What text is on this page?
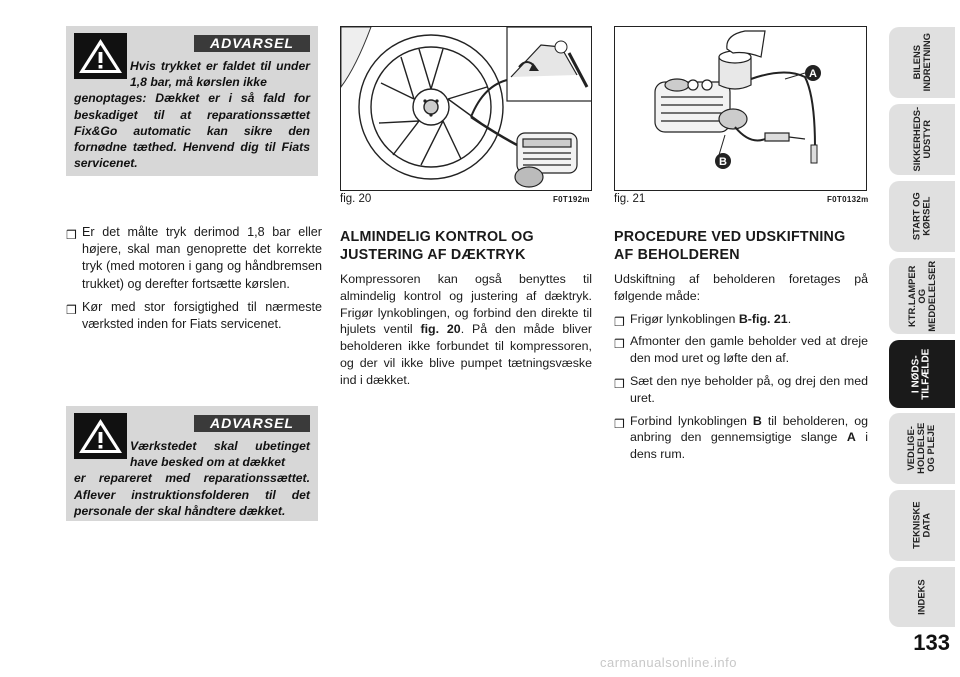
ADVARSEL
Hvis trykket er faldet til under 1,8 bar, må kørslen ikke
genoptages: Dækket er i så fald for beskadiget til at reparationssættet Fix&Go automatic kan sikre den fornødne tæthed. Henvend dig til Fiats servicenet.
❒ Er det målte tryk derimod 1,8 bar eller højere, skal man genoprette det korrekte tryk (med motoren i gang og håndbremsen trukket) og derefter fortsætte kørslen.
❒ Kør med stor forsigtighed til nærmeste værksted inden for Fiats servicenet.
ADVARSEL
Værkstedet skal ubetinget have besked om at dækket
er repareret med reparationssættet. Aflever instruktionsfolderen til det personale der skal håndtere dækket.
fig. 20	F0T192m
A
B
fig. 21	F0T0132m
ALMINDELIG KONTROL OG JUSTERING AF DÆKTRYK
Kompressoren kan også benyttes til almindelig kontrol og justering af dæktryk. Frigør lynkoblingen, og forbind den direkte til hjulets ventil fig. 20. På den måde bliver beholderen ikke forbundet til kompressoren, og der vil ikke blive pumpet tætningsvæske ind i dækket.
PROCEDURE VED UDSKIFTNING AF BEHOLDEREN
Udskiftning af beholderen foretages på følgende måde:
❒ Frigør lynkoblingen B-fig. 21.
❒ Afmonter den gamle beholder ved at dreje den mod uret og løfte den af.
❒ Sæt den nye beholder på, og drej den med uret.
❒ Forbind lynkoblingen B til beholderen, og anbring den gennemsigtige slange A i dens rum.
BILENS
INDRETNING
SIKKERHEDS-
UDSTYR
START OG
KØRSEL
KTR.LAMPER
OG
MEDDELELSER
I NØDS-
TILFÆLDE
VEDLIGE-
HOLDELSE
OG PLEJE
TEKNISKE
DATA
INDEKS
133
carmanualsonline.info
